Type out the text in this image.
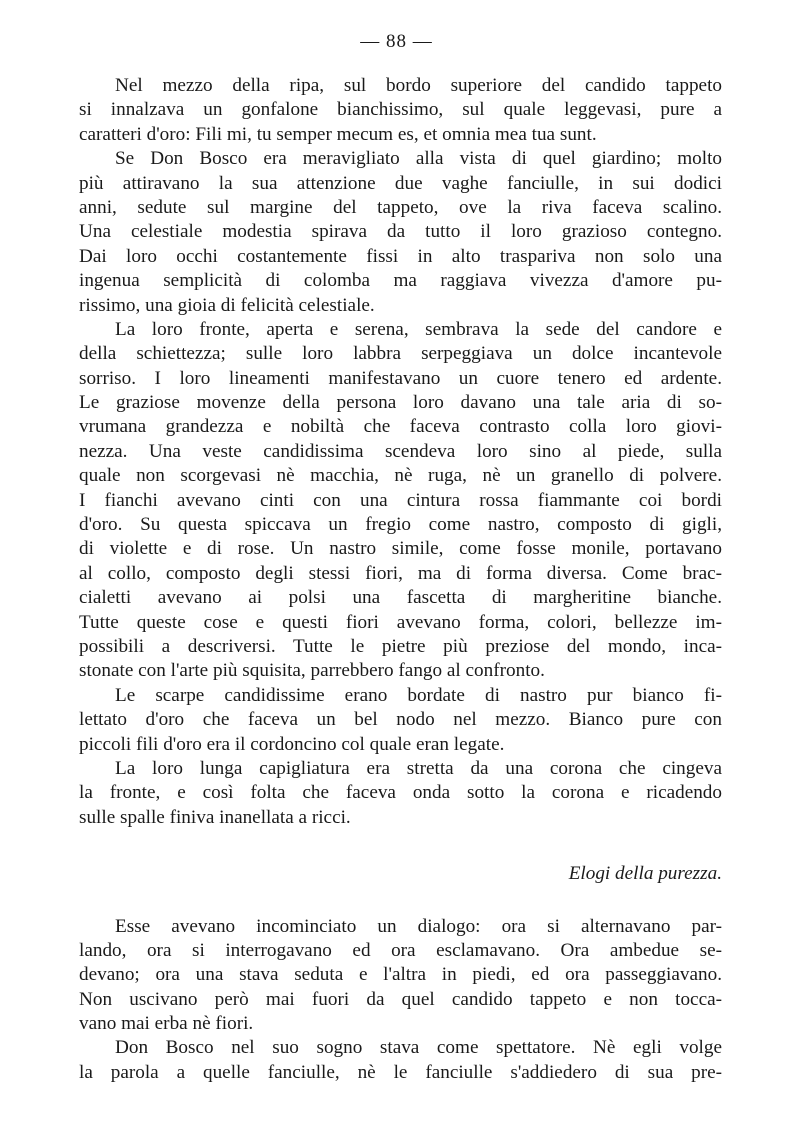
— 88 —
Nel mezzo della ripa, sul bordo superiore del candido tappeto
si innalzava un gonfalone bianchissimo, sul quale leggevasi, pure a
caratteri d'oro: Fili mi, tu semper mecum es, et omnia mea tua sunt.
Se Don Bosco era meravigliato alla vista di quel giardino; molto
più attiravano la sua attenzione due vaghe fanciulle, in sui dodici
anni, sedute sul margine del tappeto, ove la riva faceva scalino.
Una celestiale modestia spirava da tutto il loro grazioso contegno.
Dai loro occhi costantemente fissi in alto traspariva non solo una
ingenua semplicità di colomba ma raggiava vivezza d'amore pu-
rissimo, una gioia di felicità celestiale.
La loro fronte, aperta e serena, sembrava la sede del candore e
della schiettezza; sulle loro labbra serpeggiava un dolce incantevole
sorriso. I loro lineamenti manifestavano un cuore tenero ed ardente.
Le graziose movenze della persona loro davano una tale aria di so-
vrumana grandezza e nobiltà che faceva contrasto colla loro giovi-
nezza. Una veste candidissima scendeva loro sino al piede, sulla
quale non scorgevasi nè macchia, nè ruga, nè un granello di polvere.
I fianchi avevano cinti con una cintura rossa fiammante coi bordi
d'oro. Su questa spiccava un fregio come nastro, composto di gigli,
di violette e di rose. Un nastro simile, come fosse monile, portavano
al collo, composto degli stessi fiori, ma di forma diversa. Come brac-
cialetti avevano ai polsi una fascetta di margheritine bianche.
Tutte queste cose e questi fiori avevano forma, colori, bellezze im-
possibili a descriversi. Tutte le pietre più preziose del mondo, inca-
stonate con l'arte più squisita, parrebbero fango al confronto.
Le scarpe candidissime erano bordate di nastro pur bianco fi-
lettato d'oro che faceva un bel nodo nel mezzo. Bianco pure con
piccoli fili d'oro era il cordoncino col quale eran legate.
La loro lunga capigliatura era stretta da una corona che cingeva
la fronte, e così folta che faceva onda sotto la corona e ricadendo
sulle spalle finiva inanellata a ricci.
Elogi della purezza.
Esse avevano incominciato un dialogo: ora si alternavano par-
lando, ora si interrogavano ed ora esclamavano. Ora ambedue se-
devano; ora una stava seduta e l'altra in piedi, ed ora passeggiavano.
Non uscivano però mai fuori da quel candido tappeto e non tocca-
vano mai erba nè fiori.
Don Bosco nel suo sogno stava come spettatore. Nè egli volge
la parola a quelle fanciulle, nè le fanciulle s'addiedero di sua pre-
